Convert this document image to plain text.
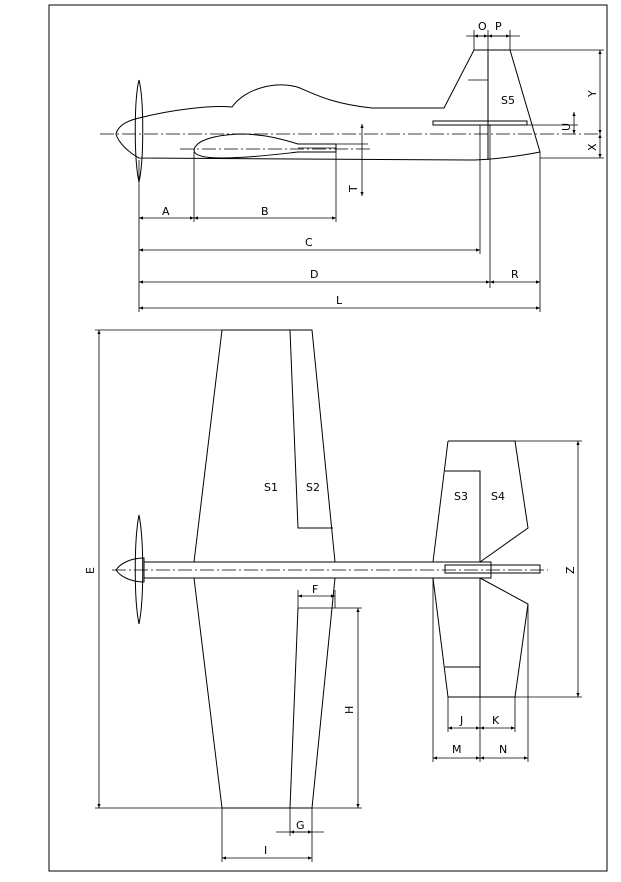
A	B
C
D	R
L
O P
T
U
X
Y
S5
E
F
H
G
I
J	K
M	N
Z
S1	S2
S3 S4
